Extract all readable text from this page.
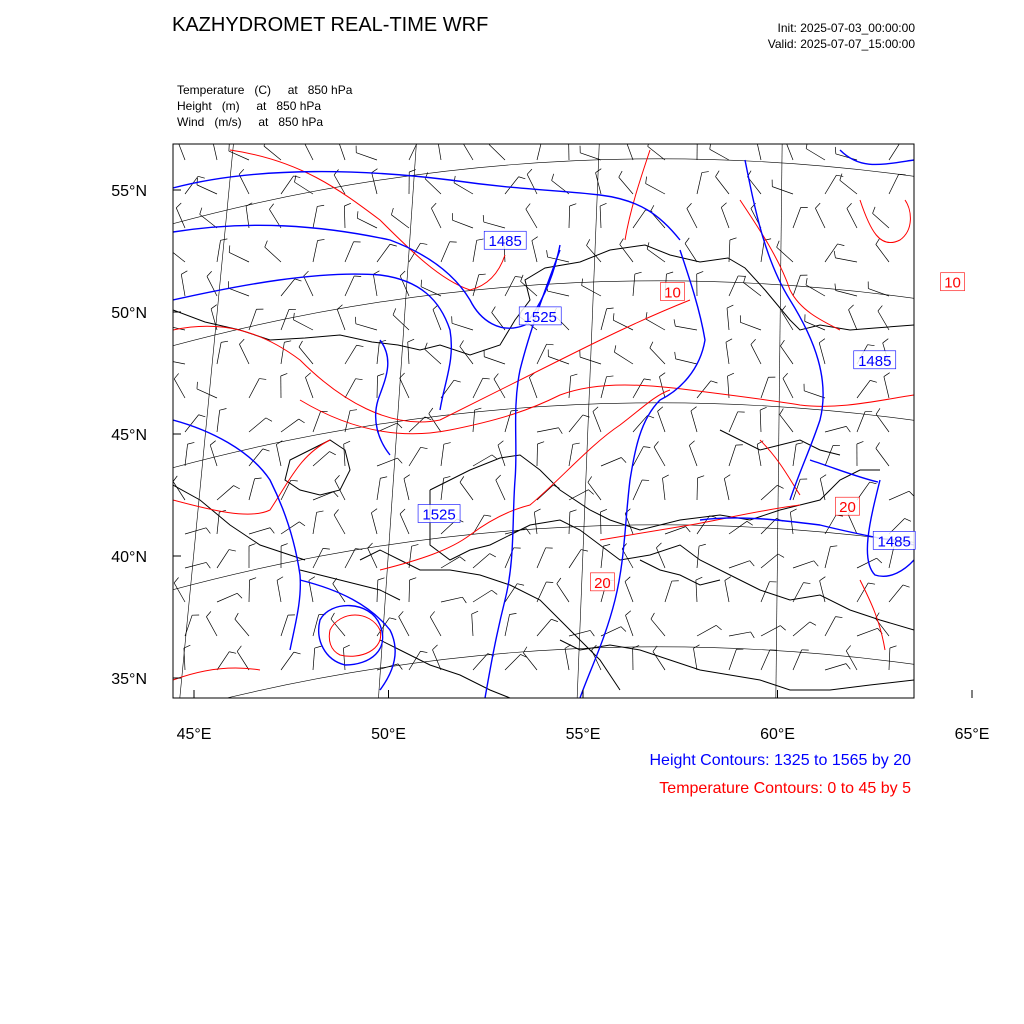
KAZHYDROMET REAL-TIME WRF	Init: 2025-07-03_00:00:00
Valid: 2025-07-07_15:00:00
Temperature   (C)     at   850 hPa
Height   (m)     at   850 hPa
Wind   (m/s)     at   850 hPa
45°E	50°E	55°E	60°E	65°E
55°N
50°N
45°N
40°N
35°N
1485
1525
1485
1525
1485
10
10
20
20
Height Contours: 1325 to 1565 by 20
Temperature Contours: 0 to 45 by 5
